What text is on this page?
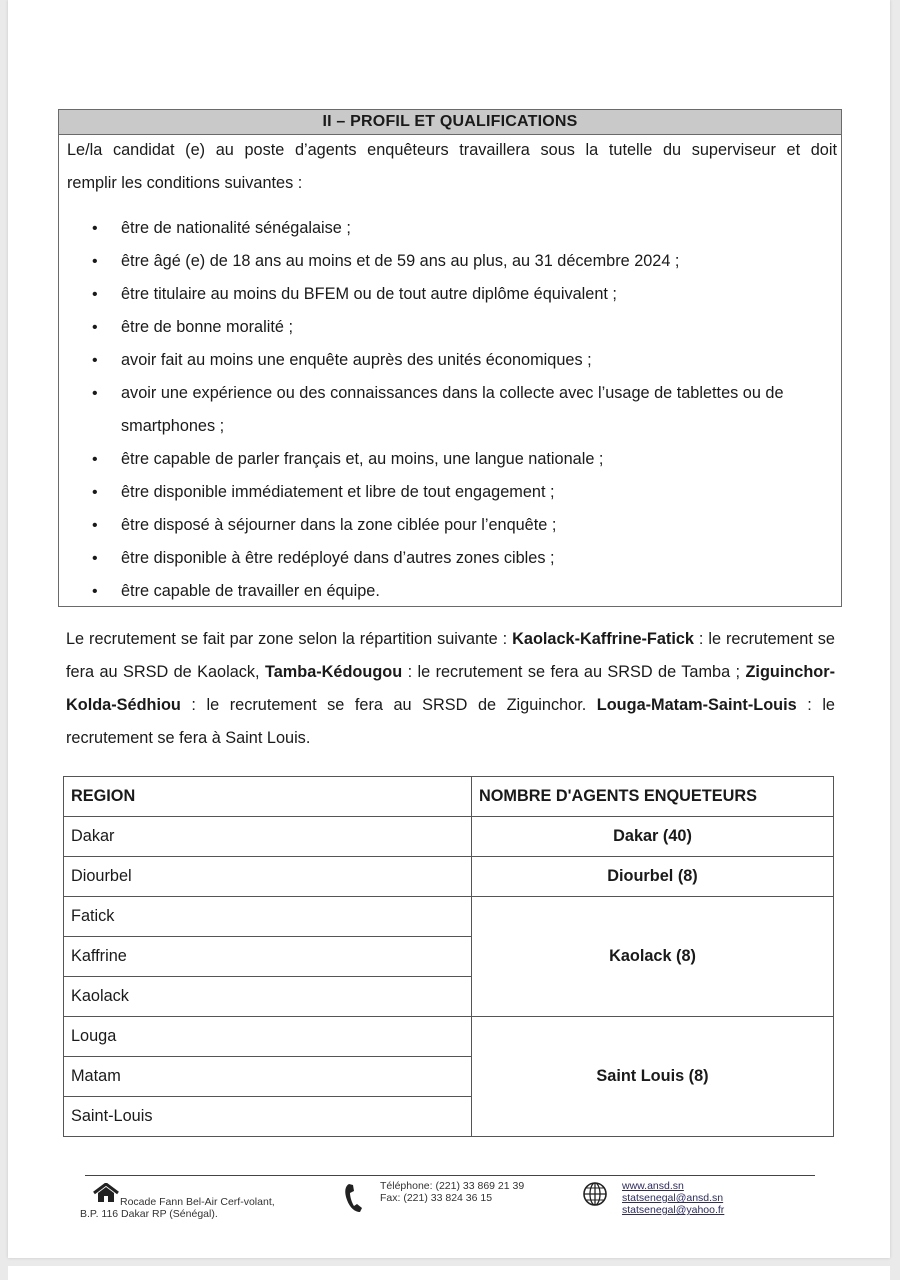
II – PROFIL ET QUALIFICATIONS
Le/la candidat (e) au poste d’agents enquêteurs travaillera sous la tutelle du superviseur et doit
remplir les conditions suivantes :
• être de nationalité sénégalaise ;
• être âgé (e) de 18 ans au moins et de 59 ans au plus, au 31 décembre 2024 ;
• être titulaire au moins du BFEM ou de tout autre diplôme équivalent ;
• être de bonne moralité ;
• avoir fait au moins une enquête auprès des unités économiques ;
• avoir une expérience ou des connaissances dans la collecte avec l’usage de tablettes ou de smartphones ;
• être capable de parler français et, au moins, une langue nationale ;
• être disponible immédiatement et libre de tout engagement ;
• être disposé à séjourner dans la zone ciblée pour l’enquête ;
• être disponible à être redéployé dans d’autres zones cibles ;
• être capable de travailler en équipe.

Le recrutement se fait par zone selon la répartition suivante : Kaolack-Kaffrine-Fatick : le recrutement se fera au SRSD de Kaolack, Tamba-Kédougou : le recrutement se fera au SRSD de Tamba ; Ziguinchor-Kolda-Sédhiou : le recrutement se fera au SRSD de Ziguinchor. Louga-Matam-Saint-Louis : le recrutement se fera à Saint Louis.

REGION	NOMBRE D'AGENTS ENQUETEURS
Dakar	Dakar (40)
Diourbel	Diourbel (8)
Fatick	Kaolack (8)
Kaffrine	
Kaolack	
Louga	Saint Louis (8)
Matam	
Saint-Louis	
Rocade Fann Bel-Air Cerf-volant,
B.P. 116 Dakar RP (Sénégal).
Téléphone: (221) 33 869 21 39
Fax: (221) 33 824 36 15
www.ansd.sn
statsenegal@ansd.sn
statsenegal@yahoo.fr
